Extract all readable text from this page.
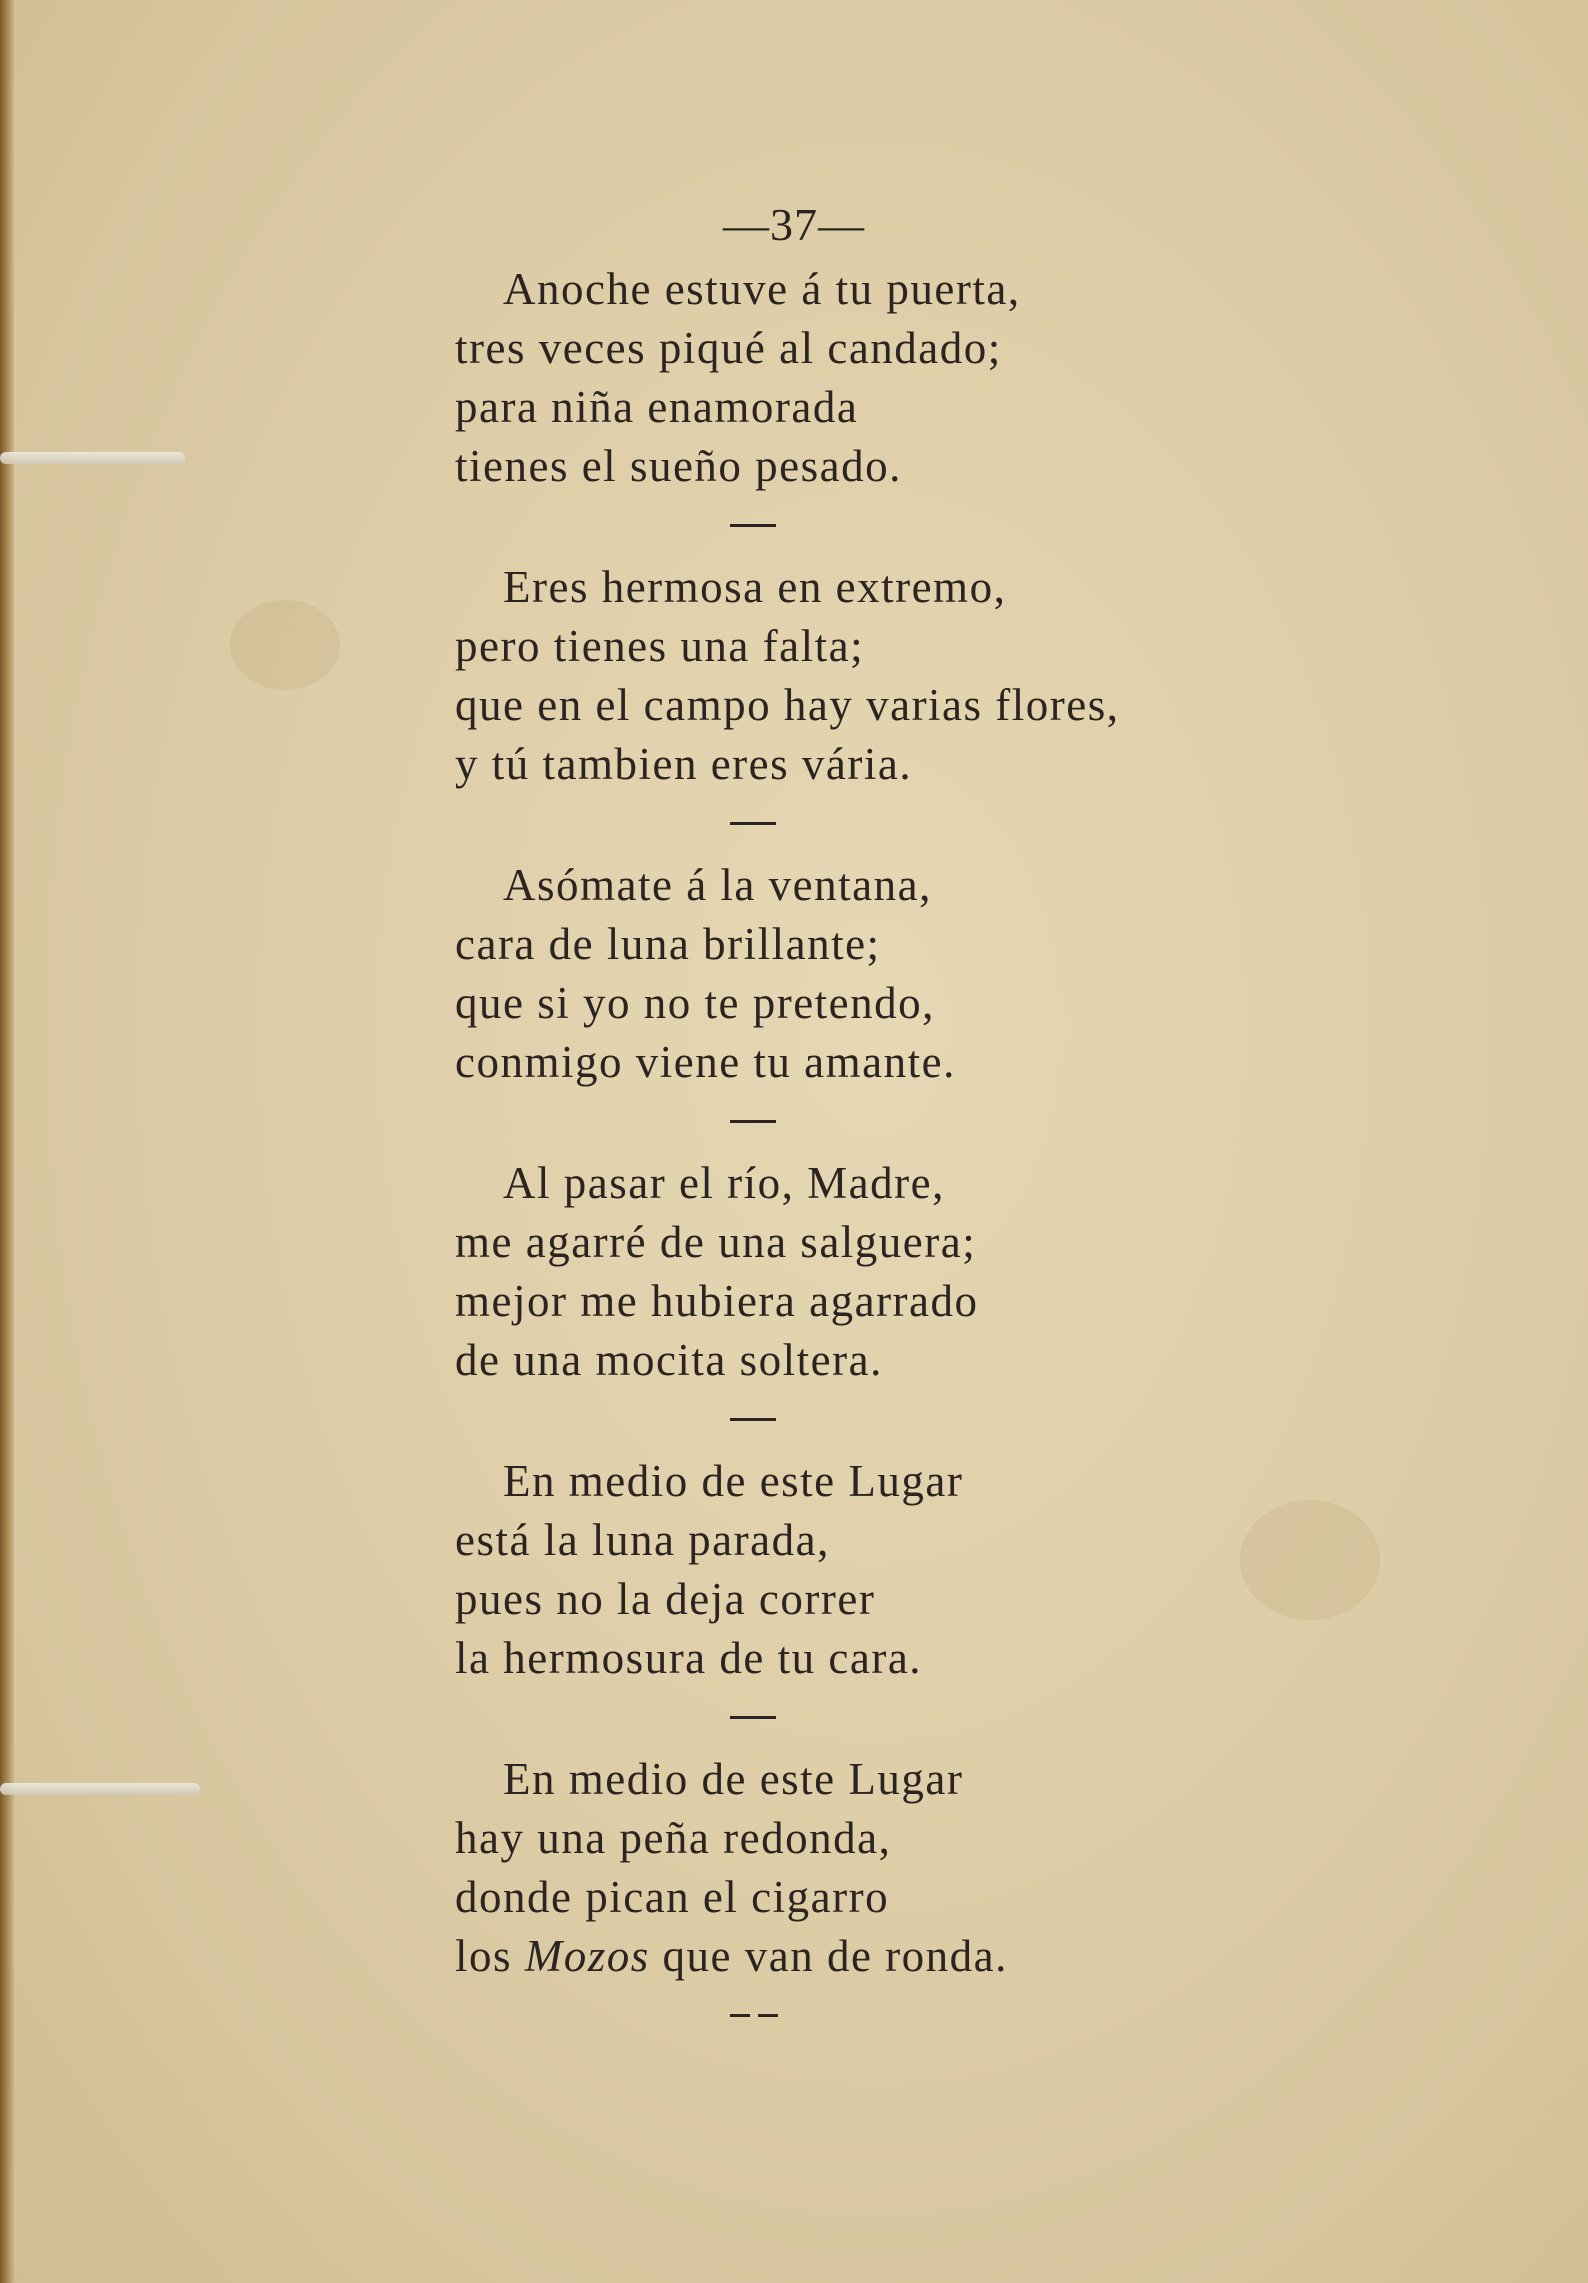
—37—
Anoche estuve á tu puerta,
tres veces piqué al candado;
para niña enamorada
tienes el sueño pesado.
Eres hermosa en extremo,
pero tienes una falta;
que en el campo hay varias flores,
y tú tambien eres vária.
Asómate á la ventana,
cara de luna brillante;
que si yo no te pretendo,
conmigo viene tu amante.
Al pasar el río, Madre,
me agarré de una salguera;
mejor me hubiera agarrado
de una mocita soltera.
En medio de este Lugar
está la luna parada,
pues no la deja correr
la hermosura de tu cara.
En medio de este Lugar
hay una peña redonda,
donde pican el cigarro
los Mozos que van de ronda.
